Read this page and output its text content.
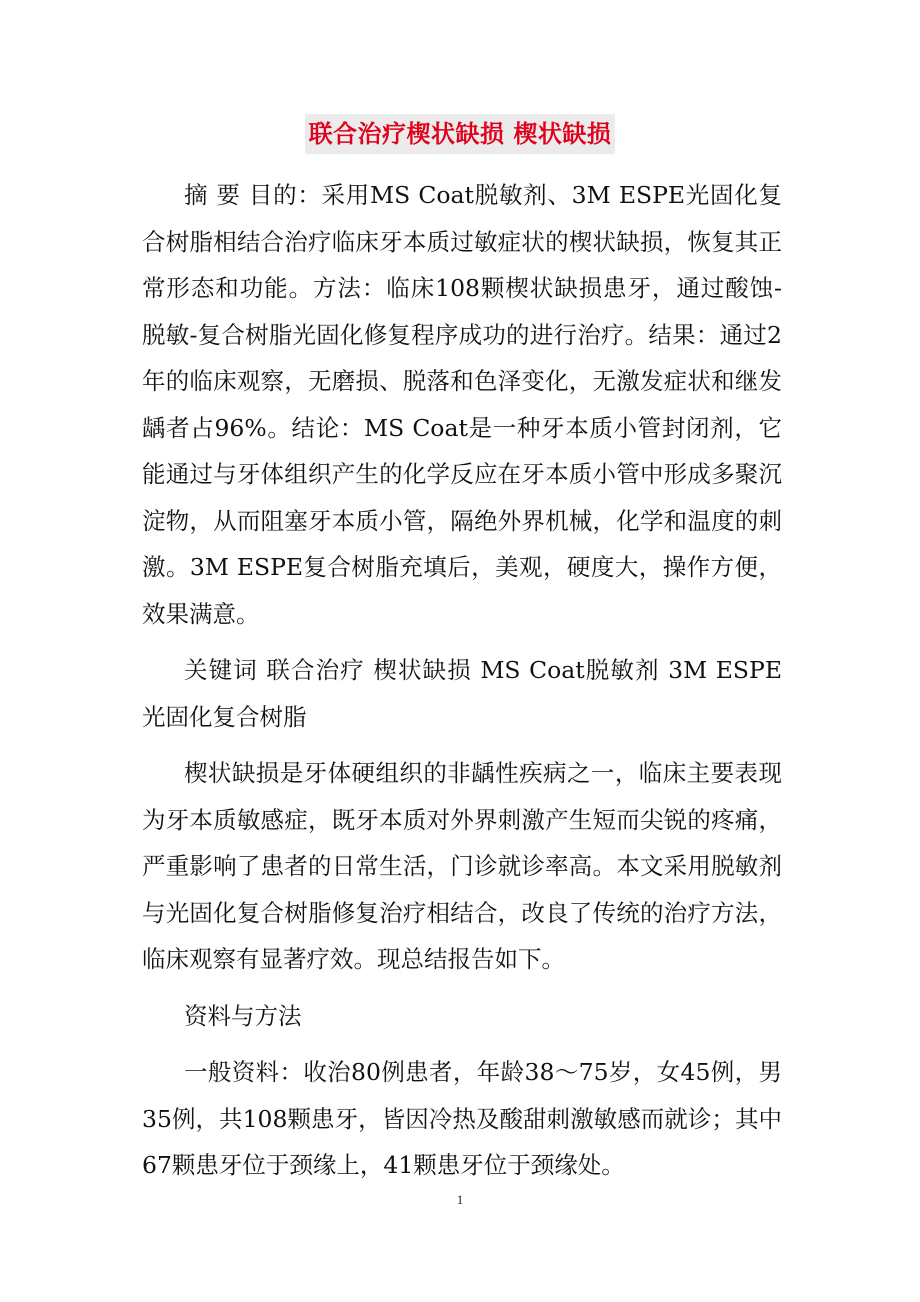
联合治疗楔状缺损 楔状缺损

摘 要 目的：采用MS Coat脱敏剂、3M ESPE光固化复合树脂相结合治疗临床牙本质过敏症状的楔状缺损，恢复其正常形态和功能。方法：临床108颗楔状缺损患牙，通过酸蚀-脱敏-复合树脂光固化修复程序成功的进行治疗。结果：通过2年的临床观察，无磨损、脱落和色泽变化，无激发症状和继发龋者占96%。结论：MS Coat是一种牙本质小管封闭剂，它能通过与牙体组织产生的化学反应在牙本质小管中形成多聚沉淀物，从而阻塞牙本质小管，隔绝外界机械，化学和温度的刺激。3M ESPE复合树脂充填后，美观，硬度大，操作方便，效果满意。

关键词 联合治疗 楔状缺损 MS Coat脱敏剂 3M ESPE光固化复合树脂

楔状缺损是牙体硬组织的非龋性疾病之一，临床主要表现为牙本质敏感症，既牙本质对外界刺激产生短而尖锐的疼痛，严重影响了患者的日常生活，门诊就诊率高。本文采用脱敏剂与光固化复合树脂修复治疗相结合，改良了传统的治疗方法，临床观察有显著疗效。现总结报告如下。

资料与方法

一般资料：收治80例患者，年龄38～75岁，女45例，男35例，共108颗患牙，皆因冷热及酸甜刺激敏感而就诊；其中67颗患牙位于颈缘上，41颗患牙位于颈缘处。

1
